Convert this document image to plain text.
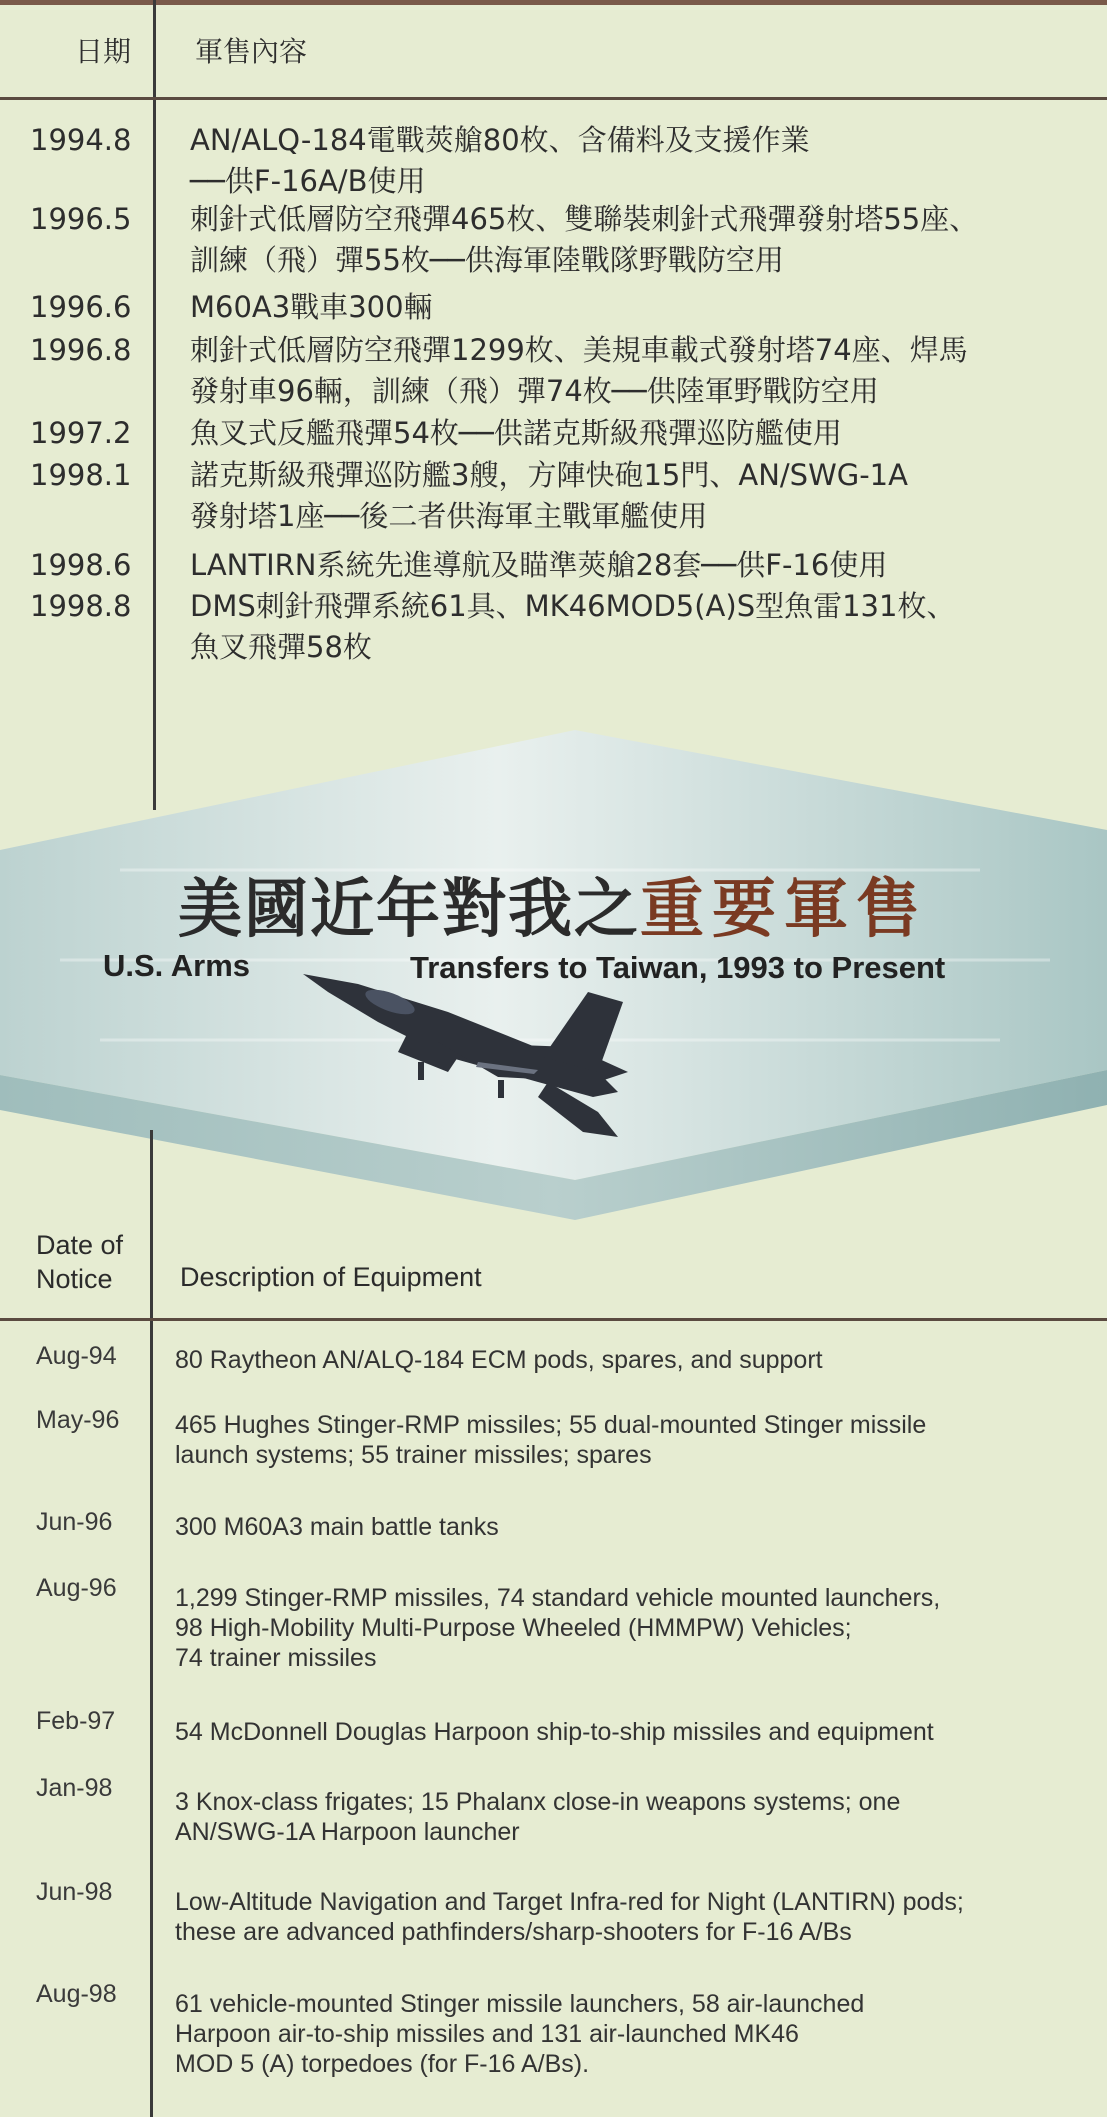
日期 軍售內容
1994.8 AN/ALQ-184電戰莢艙80枚、含備料及支援作業
──供F-16A/B使用
1996.5 刺針式低層防空飛彈465枚、雙聯裝刺針式飛彈發射塔55座、
訓練（飛）彈55枚──供海軍陸戰隊野戰防空用
1996.6 M60A3戰車300輛
1996.8 刺針式低層防空飛彈1299枚、美規車載式發射塔74座、焊馬
發射車96輛，訓練（飛）彈74枚──供陸軍野戰防空用
1997.2 魚叉式反艦飛彈54枚──供諾克斯級飛彈巡防艦使用
1998.1 諾克斯級飛彈巡防艦3艘，方陣快砲15門、AN/SWG-1A
發射塔1座──後二者供海軍主戰軍艦使用
1998.6 LANTIRN系統先進導航及瞄準莢艙28套──供F-16使用
1998.8 DMS刺針飛彈系統61具、MK46MOD5(A)S型魚雷131枚、
魚叉飛彈58枚
美國近年對我之重要軍售
U.S. Arms	Transfers to Taiwan, 1993 to Present
Date of
Notice	Description of Equipment
Aug-94	80 Raytheon AN/ALQ-184 ECM pods, spares, and support
May-96	465 Hughes Stinger-RMP missiles; 55 dual-mounted Stinger missile
launch systems; 55 trainer missiles; spares
Jun-96	300 M60A3 main battle tanks
Aug-96	1,299 Stinger-RMP missiles, 74 standard vehicle mounted launchers,
98 High-Mobility Multi-Purpose Wheeled (HMMPW) Vehicles;
74 trainer missiles
Feb-97	54 McDonnell Douglas Harpoon ship-to-ship missiles and equipment
Jan-98	3 Knox-class frigates; 15 Phalanx close-in weapons systems; one
AN/SWG-1A Harpoon launcher
Jun-98	Low-Altitude Navigation and Target Infra-red for Night (LANTIRN) pods;
these are advanced pathfinders/sharp-shooters for F-16 A/Bs
Aug-98	61 vehicle-mounted Stinger missile launchers, 58 air-launched
Harpoon air-to-ship missiles and 131 air-launched MK46
MOD 5 (A) torpedoes (for F-16 A/Bs).
